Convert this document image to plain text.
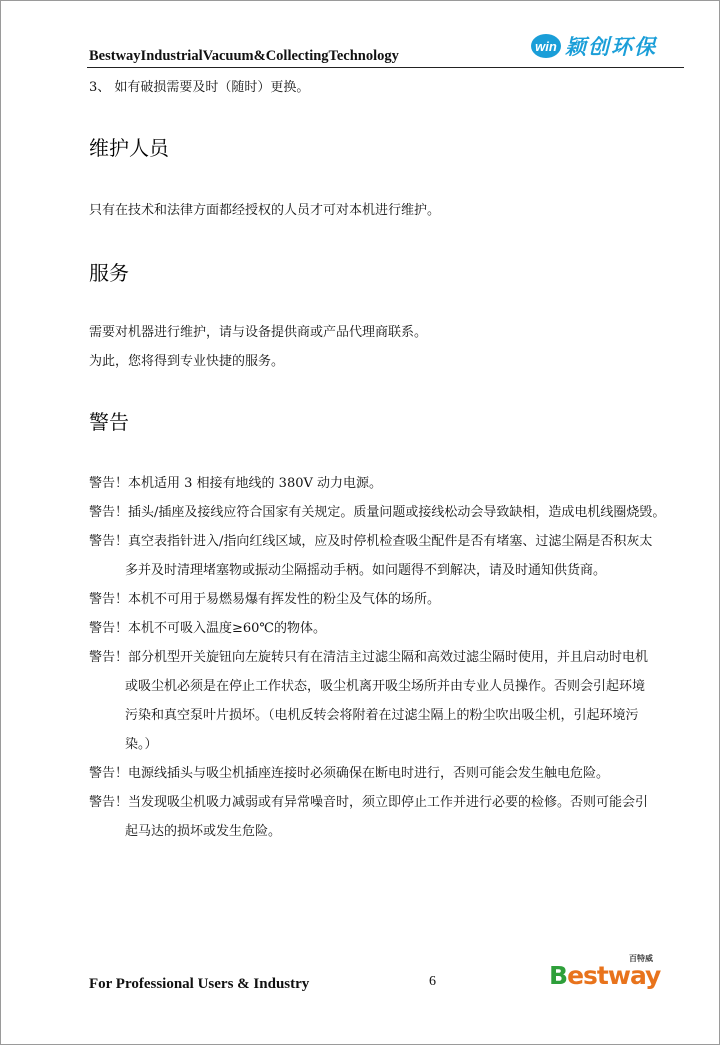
BestwayIndustrialVacuum&CollectingTechnology
win 颖创环保
3、 如有破损需要及时（随时）更换。
维护人员
只有在技术和法律方面都经授权的人员才可对本机进行维护。
服务
需要对机器进行维护，请与设备提供商或产品代理商联系。
为此，您将得到专业快捷的服务。
警告
警告！本机适用 3 相接有地线的 380V 动力电源。
警告！插头/插座及接线应符合国家有关规定。质量问题或接线松动会导致缺相，造成电机线圈烧毁。
警告！真空表指针进入/指向红线区域，应及时停机检查吸尘配件是否有堵塞、过滤尘隔是否积灰太
多并及时清理堵塞物或振动尘隔摇动手柄。如问题得不到解决，请及时通知供货商。
警告！本机不可用于易燃易爆有挥发性的粉尘及气体的场所。
警告！本机不可吸入温度≥60℃的物体。
警告！部分机型开关旋钮向左旋转只有在清洁主过滤尘隔和高效过滤尘隔时使用，并且启动时电机
或吸尘机必须是在停止工作状态，吸尘机离开吸尘场所并由专业人员操作。否则会引起环境
污染和真空泵叶片损坏。（电机反转会将附着在过滤尘隔上的粉尘吹出吸尘机，引起环境污
染。）
警告！电源线插头与吸尘机插座连接时必须确保在断电时进行，否则可能会发生触电危险。
警告！当发现吸尘机吸力减弱或有异常噪音时，须立即停止工作并进行必要的检修。否则可能会引
起马达的损坏或发生危险。
For Professional Users & Industry	6
百特威
Bestway
